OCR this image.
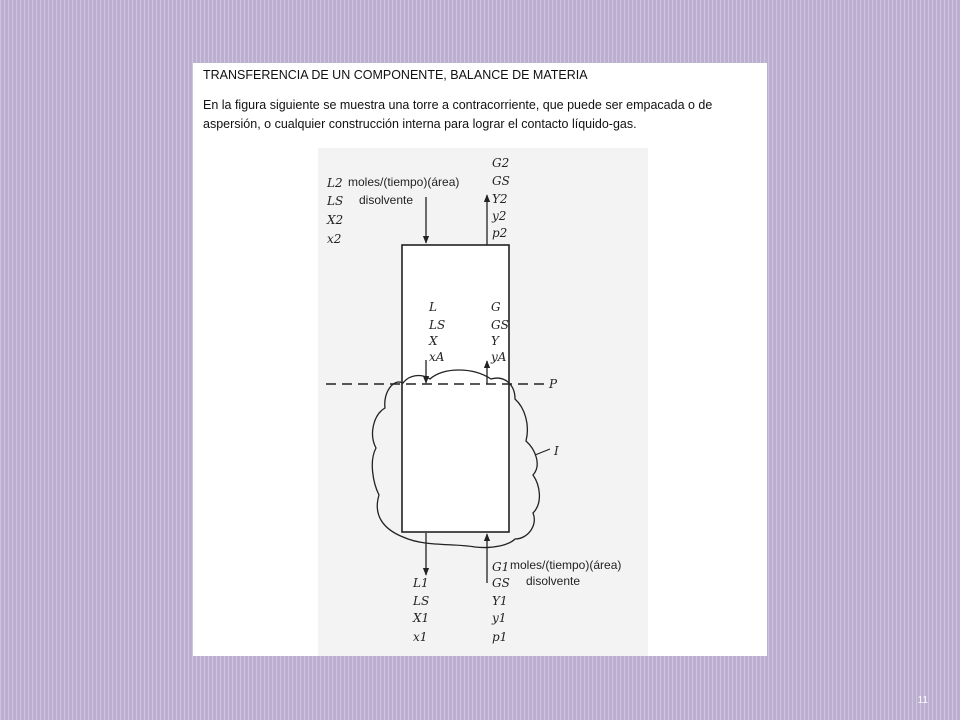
TRANSFERENCIA DE UN COMPONENTE, BALANCE DE MATERIA

En la figura siguiente se muestra una torre a contracorriente, que puede ser empacada o de aspersión, o cualquier construcción interna para lograr el contacto líquido-gas.

P
I
L2
LS
X2
x2
moles/(tiempo)(área)
disolvente
G2
GS
Y2
y2
p2
L
LS
X
xA
G
GS
Y
yA
L1
LS
X1
x1
G1
GS
Y1
y1
p1
moles/(tiempo)(área)
disolvente
11
